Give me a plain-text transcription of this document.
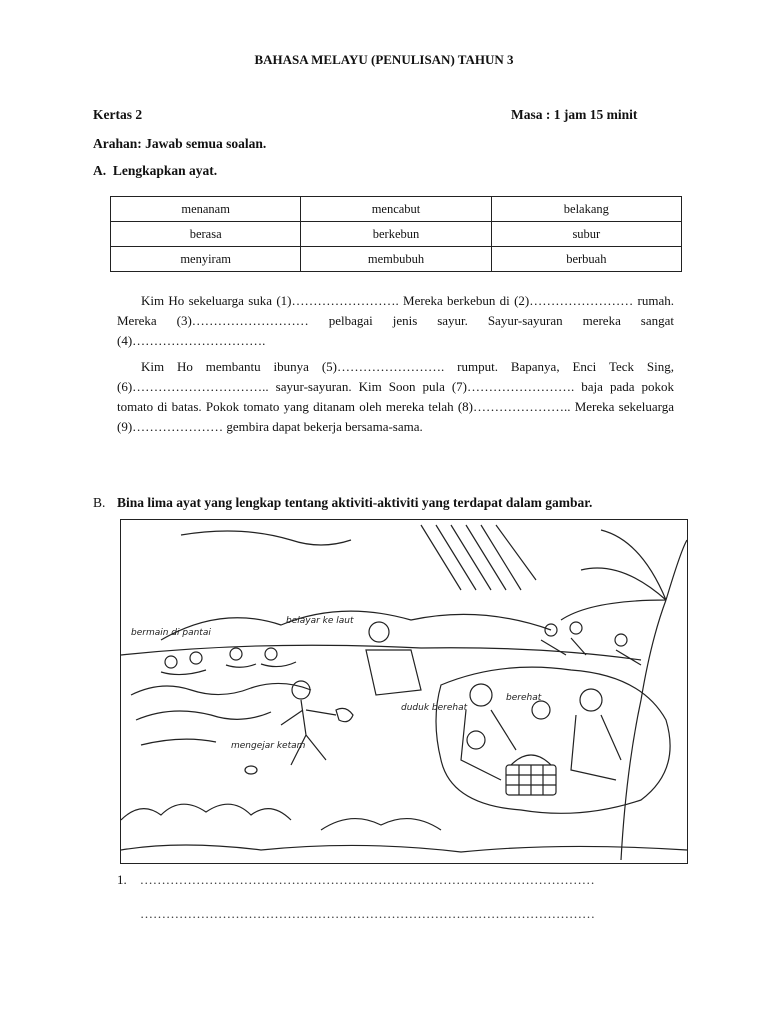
BAHASA MELAYU (PENULISAN) TAHUN 3
Kertas 2	Masa : 1 jam 15 minit
Arahan: Jawab semua soalan.
A. Lengkapkan ayat.
menanam	mencabut	belakang
berasa	berkebun	subur
menyiram	membubuh	berbuah

Kim Ho sekeluarga suka (1)……………………. Mereka berkebun di (2)…………………… rumah. Mereka (3)……………………… pelbagai jenis sayur. Sayur-sayuran mereka sangat (4)………………………….

Kim Ho membantu ibunya (5)……………………. rumput. Bapanya, Enci Teck Sing, (6)………………………….. sayur-sayuran. Kim Soon pula (7)……………………. baja pada pokok tomato di batas. Pokok tomato yang ditanam oleh mereka telah (8)………………….. Mereka sekeluarga (9)………………… gembira dapat bekerja bersama-sama.

B. Bina lima ayat yang lengkap tentang aktiviti-aktiviti yang terdapat dalam gambar.
bermain di pantai
belayar ke laut
duduk berehat
berehat
mengejar ketam
1. ……………………………………………………………………………………………
……………………………………………………………………………………………
